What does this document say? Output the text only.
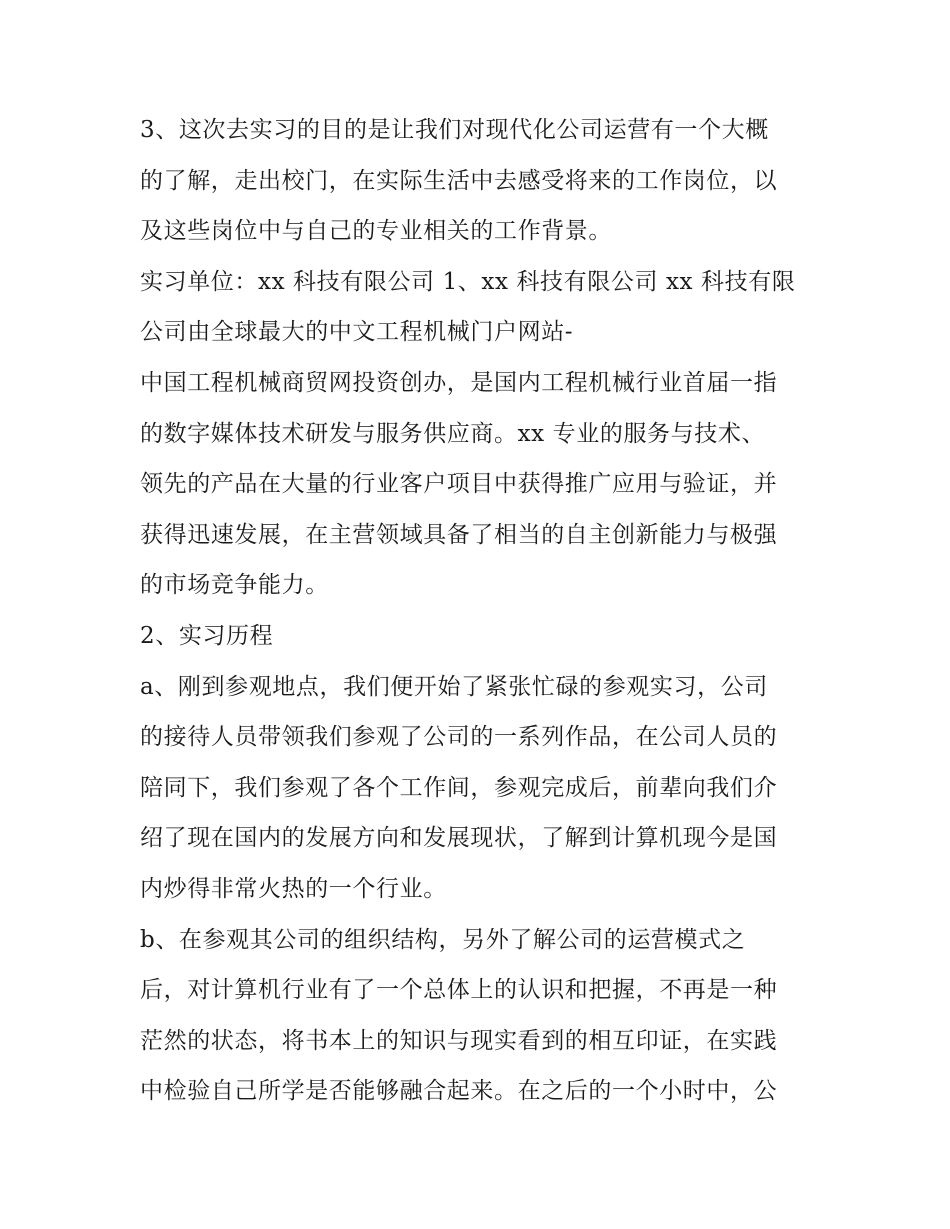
3、这次去实习的目的是让我们对现代化公司运营有一个大概
的了解，走出校门，在实际生活中去感受将来的工作岗位，以
及这些岗位中与自己的专业相关的工作背景。
实习单位：xx 科技有限公司 1、xx 科技有限公司 xx 科技有限
公司由全球最大的中文工程机械门户网站-
中国工程机械商贸网投资创办，是国内工程机械行业首届一指
的数字媒体技术研发与服务供应商。xx 专业的服务与技术、
领先的产品在大量的行业客户项目中获得推广应用与验证，并
获得迅速发展，在主营领域具备了相当的自主创新能力与极强
的市场竞争能力。
2、实习历程
a、刚到参观地点，我们便开始了紧张忙碌的参观实习，公司
的接待人员带领我们参观了公司的一系列作品，在公司人员的
陪同下，我们参观了各个工作间，参观完成后，前辈向我们介
绍了现在国内的发展方向和发展现状，了解到计算机现今是国
内炒得非常火热的一个行业。
b、在参观其公司的组织结构，另外了解公司的运营模式之
后，对计算机行业有了一个总体上的认识和把握，不再是一种
茫然的状态，将书本上的知识与现实看到的相互印证，在实践
中检验自己所学是否能够融合起来。在之后的一个小时中，公
